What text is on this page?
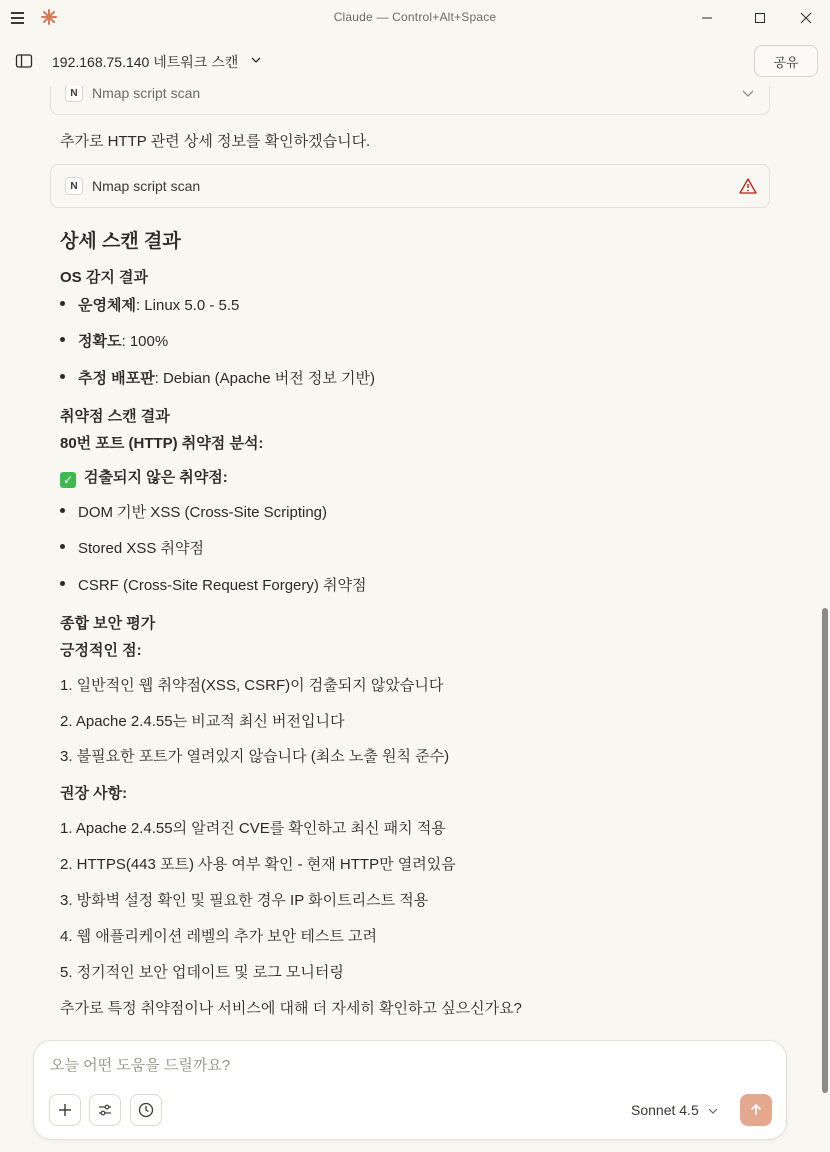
Claude — Control+Alt+Space
192.168.75.140 네트워크 스캔	공유
N	Nmap script scan
추가로 HTTP 관련 상세 정보를 확인하겠습니다.
N	Nmap script scan
상세 스캔 결과
OS 감지 결과
운영체제: Linux 5.0 - 5.5
정확도: 100%
추정 배포판: Debian (Apache 버전 정보 기반)
취약점 스캔 결과
80번 포트 (HTTP) 취약점 분석:
✓ 검출되지 않은 취약점:
DOM 기반 XSS (Cross-Site Scripting)
Stored XSS 취약점
CSRF (Cross-Site Request Forgery) 취약점
종합 보안 평가
긍정적인 점:
1. 일반적인 웹 취약점(XSS, CSRF)이 검출되지 않았습니다
2. Apache 2.4.55는 비교적 최신 버전입니다
3. 불필요한 포트가 열려있지 않습니다 (최소 노출 원칙 준수)
권장 사항:
1. Apache 2.4.55의 알려진 CVE를 확인하고 최신 패치 적용
2. HTTPS(443 포트) 사용 여부 확인 - 현재 HTTP만 열려있음
3. 방화벽 설정 확인 및 필요한 경우 IP 화이트리스트 적용
4. 웹 애플리케이션 레벨의 추가 보안 테스트 고려
5. 정기적인 보안 업데이트 및 로그 모니터링
추가로 특정 취약점이나 서비스에 대해 더 자세히 확인하고 싶으신가요?
오늘 어떤 도움을 드릴까요?
Sonnet 4.5
